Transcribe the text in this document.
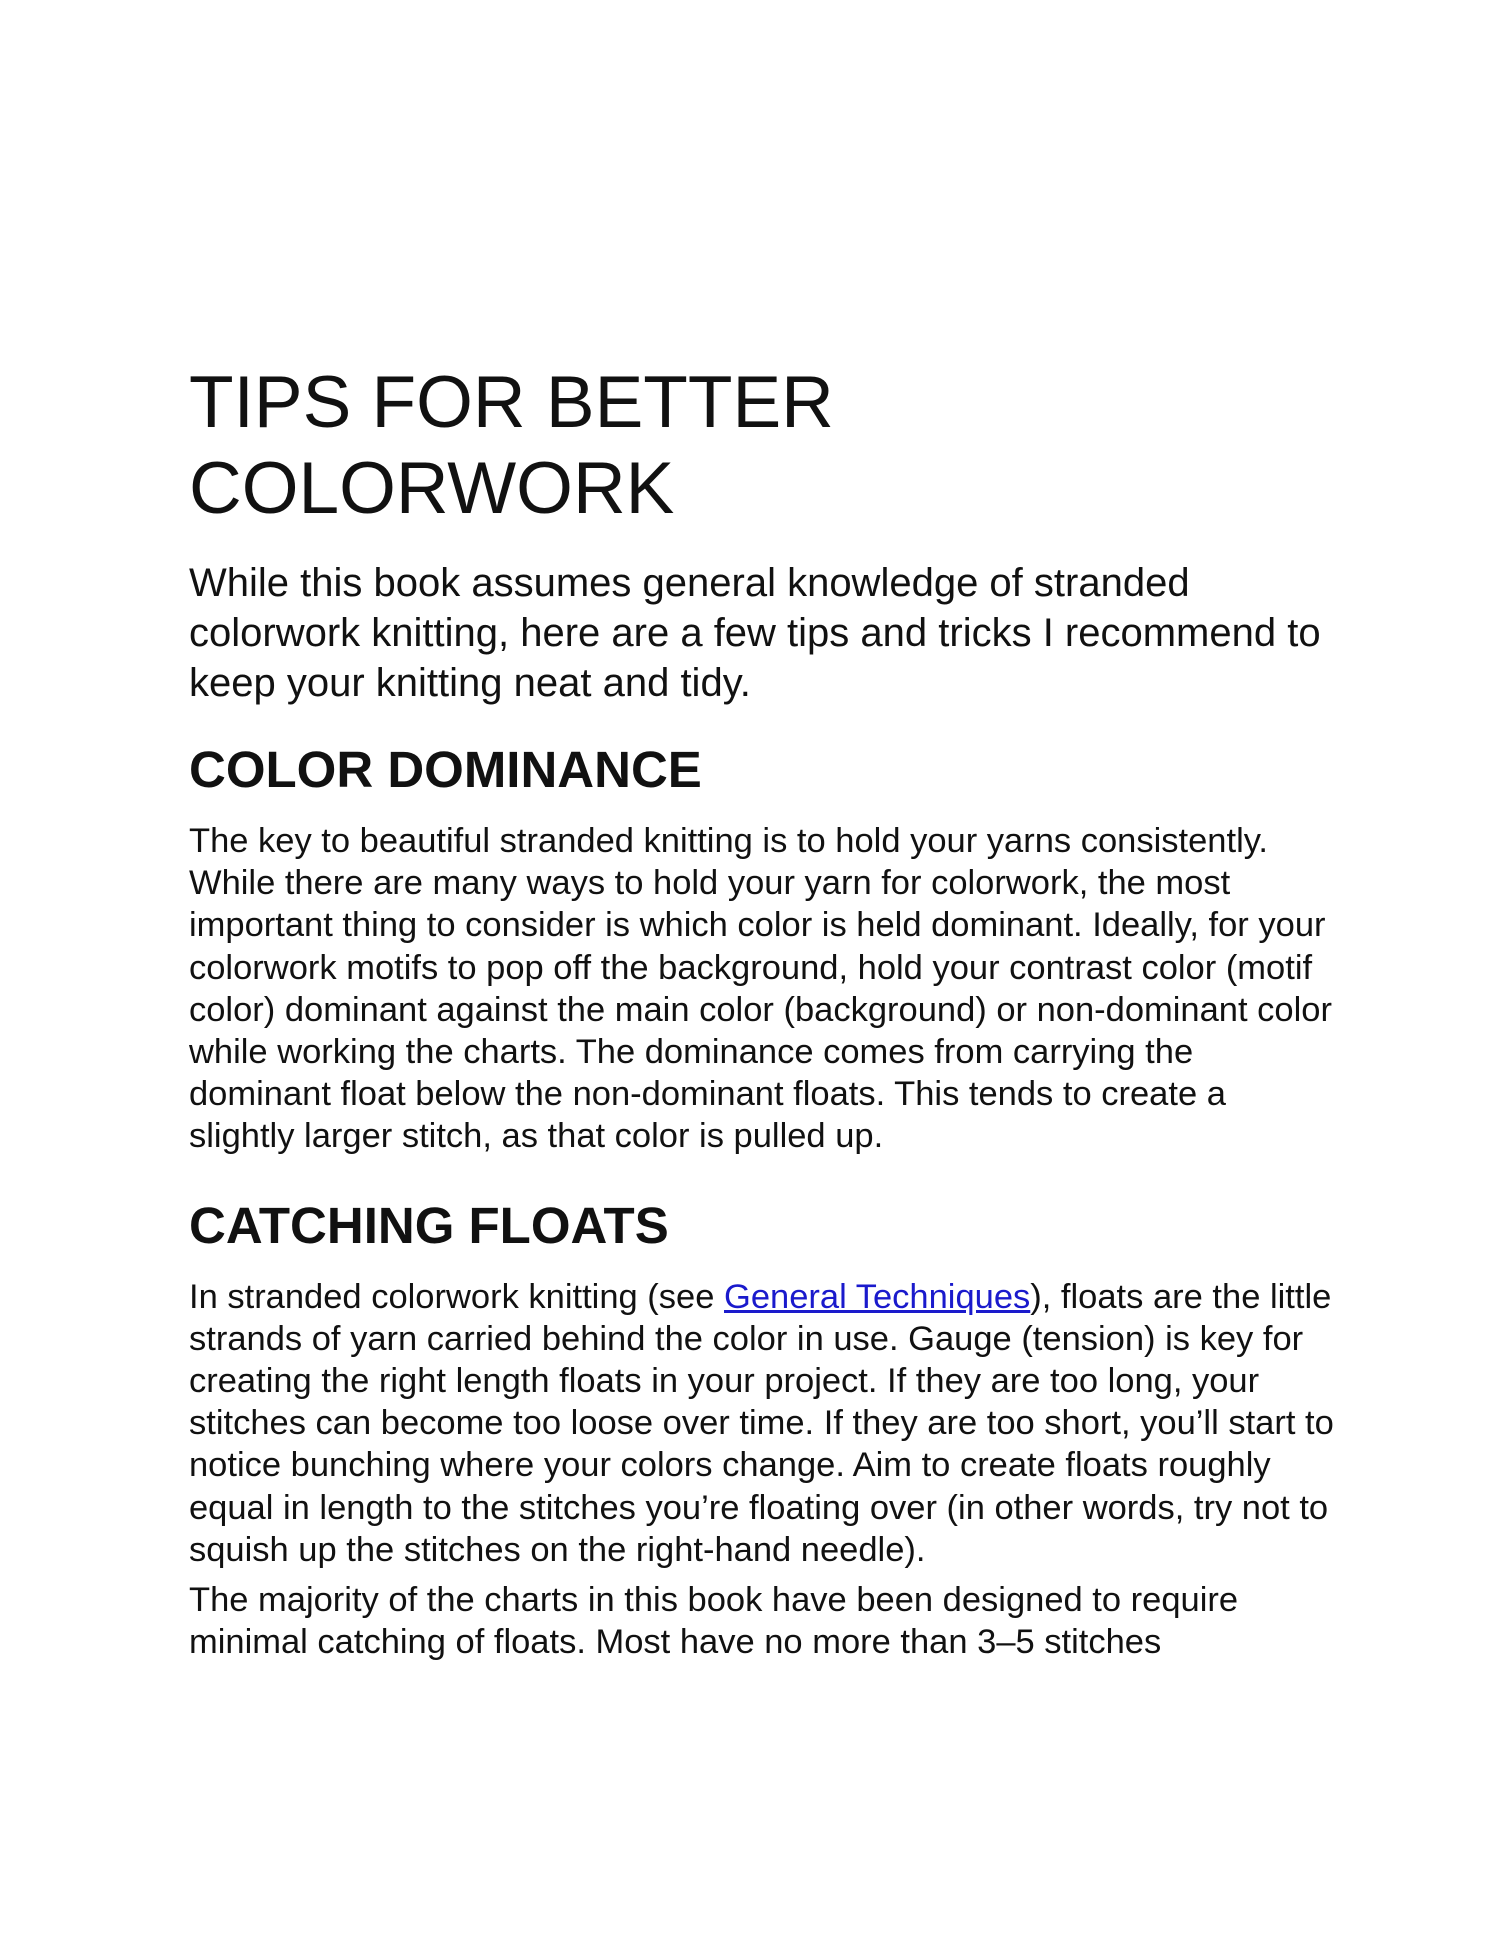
TIPS FOR BETTER
COLORWORK

While this book assumes general knowledge of stranded colorwork knitting, here are a few tips and tricks I recommend to keep your knitting neat and tidy.

COLOR DOMINANCE

The key to beautiful stranded knitting is to hold your yarns consistently. While there are many ways to hold your yarn for colorwork, the most important thing to consider is which color is held dominant. Ideally, for your colorwork motifs to pop off the background, hold your contrast color (motif color) dominant against the main color (background) or non-dominant color while working the charts. The dominance comes from carrying the dominant float below the non-dominant floats. This tends to create a slightly larger stitch, as that color is pulled up.

CATCHING FLOATS

In stranded colorwork knitting (see General Techniques), floats are the little strands of yarn carried behind the color in use. Gauge (tension) is key for creating the right length floats in your project. If they are too long, your stitches can become too loose over time. If they are too short, you’ll start to notice bunching where your colors change. Aim to create floats roughly equal in length to the stitches you’re floating over (in other words, try not to squish up the stitches on the right-hand needle).

The majority of the charts in this book have been designed to require minimal catching of floats. Most have no more than 3–5 stitches
